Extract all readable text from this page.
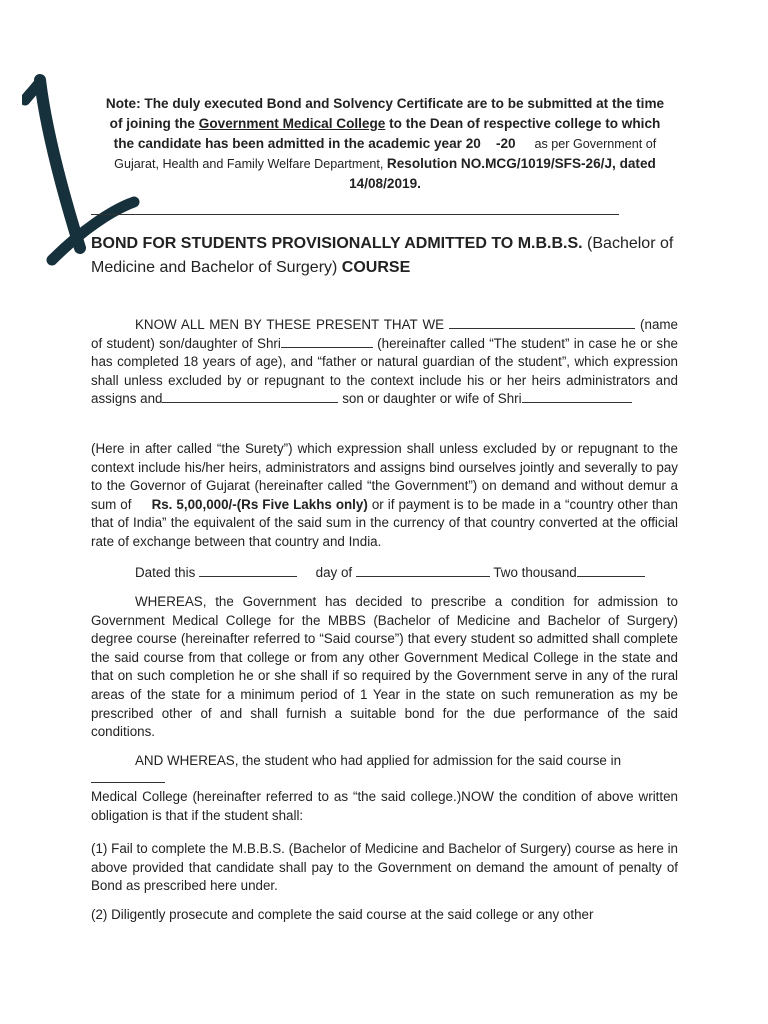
Note: The duly executed Bond and Solvency Certificate are to be submitted at the time
of joining the Government Medical College to the Dean of respective college to which
the candidate has been admitted in the academic year 20 -20 as per Government of
Gujarat, Health and Family Welfare Department, Resolution NO.MCG/1019/SFS-26/J, dated
14/08/2019.
BOND FOR STUDENTS PROVISIONALLY ADMITTED TO M.B.B.S. (Bachelor of Medicine and Bachelor of Surgery) COURSE
KNOW ALL MEN BY THESE PRESENT THAT WE	(name of student) son/daughter of Shri	(hereinafter called “The student” in case he or she has completed 18 years of age), and “father or natural guardian of the student”, which expression shall unless excluded by or repugnant to the context include his or her heirs administrators and assigns and	son or daughter or wife of Shri
(Here in after called “the Surety”) which expression shall unless excluded by or repugnant to the context include his/her heirs, administrators and assigns bind ourselves jointly and severally to pay to the Governor of Gujarat (hereinafter called “the Government”) on demand and without demur a sum of Rs. 5,00,000/-(Rs Five Lakhs only) or if payment is to be made in a “country other than that of India” the equivalent of the said sum in the currency of that country converted at the official rate of exchange between that country and India.
Dated this	day of	Two thousand
WHEREAS, the Government has decided to prescribe a condition for admission to Government Medical College for the MBBS (Bachelor of Medicine and Bachelor of Surgery) degree course (hereinafter referred to “Said course”) that every student so admitted shall complete the said course from that college or from any other Government Medical College in the state and that on such completion he or she shall if so required by the Government serve in any of the rural areas of the state for a minimum period of 1 Year in the state on such remuneration as my be prescribed other of and shall furnish a suitable bond for the due performance of the said conditions.
AND WHEREAS, the student who had applied for admission for the said course in
Medical College (hereinafter referred to as “the said college.)NOW the condition of above written obligation is that if the student shall:
(1) Fail to complete the M.B.B.S. (Bachelor of Medicine and Bachelor of Surgery) course as here in above provided that candidate shall pay to the Government on demand the amount of penalty of Bond as prescribed here under.
(2) Diligently prosecute and complete the said course at the said college or any other
